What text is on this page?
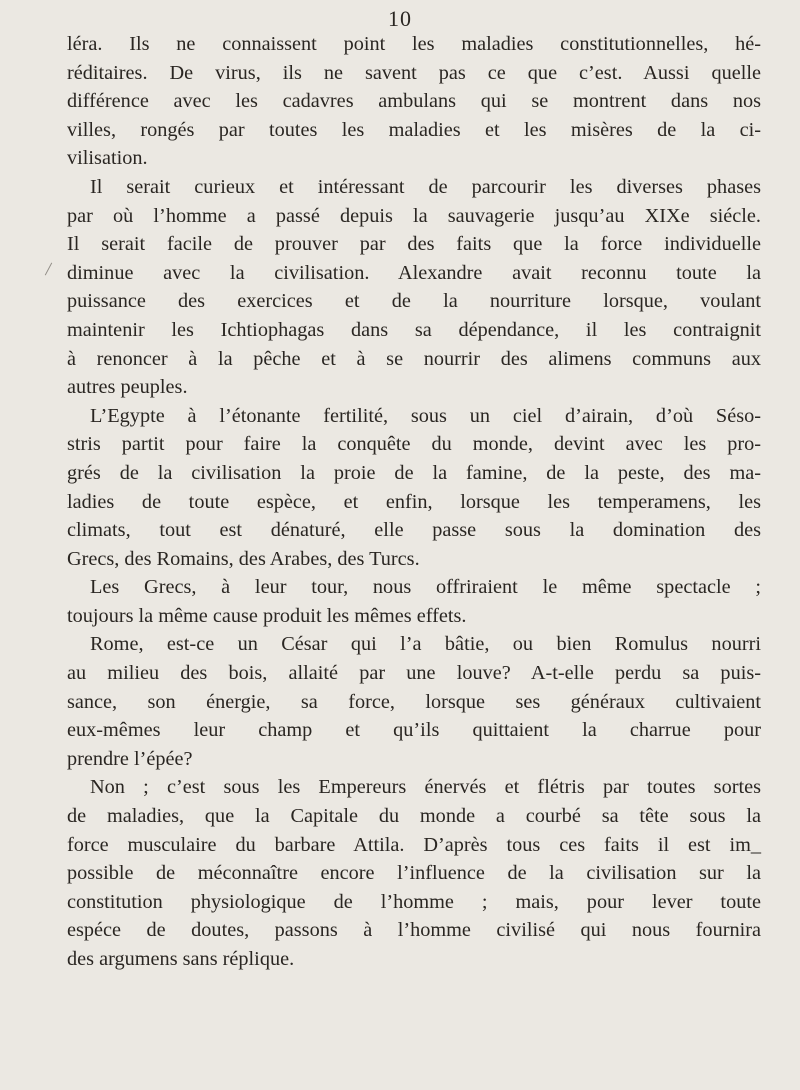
10
léra. Ils ne connaissent point les maladies constitutionnelles, hé-
réditaires. De virus, ils ne savent pas ce que c’est. Aussi quelle
différence avec les cadavres ambulans qui se montrent dans nos
villes, rongés par toutes les maladies et les misères de la ci-
vilisation.
Il serait curieux et intéressant de parcourir les diverses phases
par où l’homme a passé depuis la sauvagerie jusqu’au XIXe siécle.
Il serait facile de prouver par des faits que la force individuelle
diminue avec la civilisation. Alexandre avait reconnu toute la
puissance des exercices et de la nourriture lorsque, voulant
maintenir les Ichtiophagas dans sa dépendance, il les contraignit
à renoncer à la pêche et à se nourrir des alimens communs aux
autres peuples.
L’Egypte à l’étonante fertilité, sous un ciel d’airain, d’où Séso-
stris partit pour faire la conquête du monde, devint avec les pro-
grés de la civilisation la proie de la famine, de la peste, des ma-
ladies de toute espèce, et enfin, lorsque les temperamens, les
climats, tout est dénaturé, elle passe sous la domination des
Grecs, des Romains, des Arabes, des Turcs.
Les Grecs, à leur tour, nous offriraient le même spectacle ;
toujours la même cause produit les mêmes effets.
Rome, est-ce un César qui l’a bâtie, ou bien Romulus nourri
au milieu des bois, allaité par une louve? A-t-elle perdu sa puis-
sance, son énergie, sa force, lorsque ses généraux cultivaient
eux-mêmes leur champ et qu’ils quittaient la charrue pour
prendre l’épée?
Non ; c’est sous les Empereurs énervés et flétris par toutes sortes
de maladies, que la Capitale du monde a courbé sa tête sous la
force musculaire du barbare Attila. D’après tous ces faits il est im_
possible de méconnaître encore l’influence de la civilisation sur la
constitution physiologique de l’homme ; mais, pour lever toute
espéce de doutes, passons à l’homme civilisé qui nous fournira
des argumens sans réplique.
